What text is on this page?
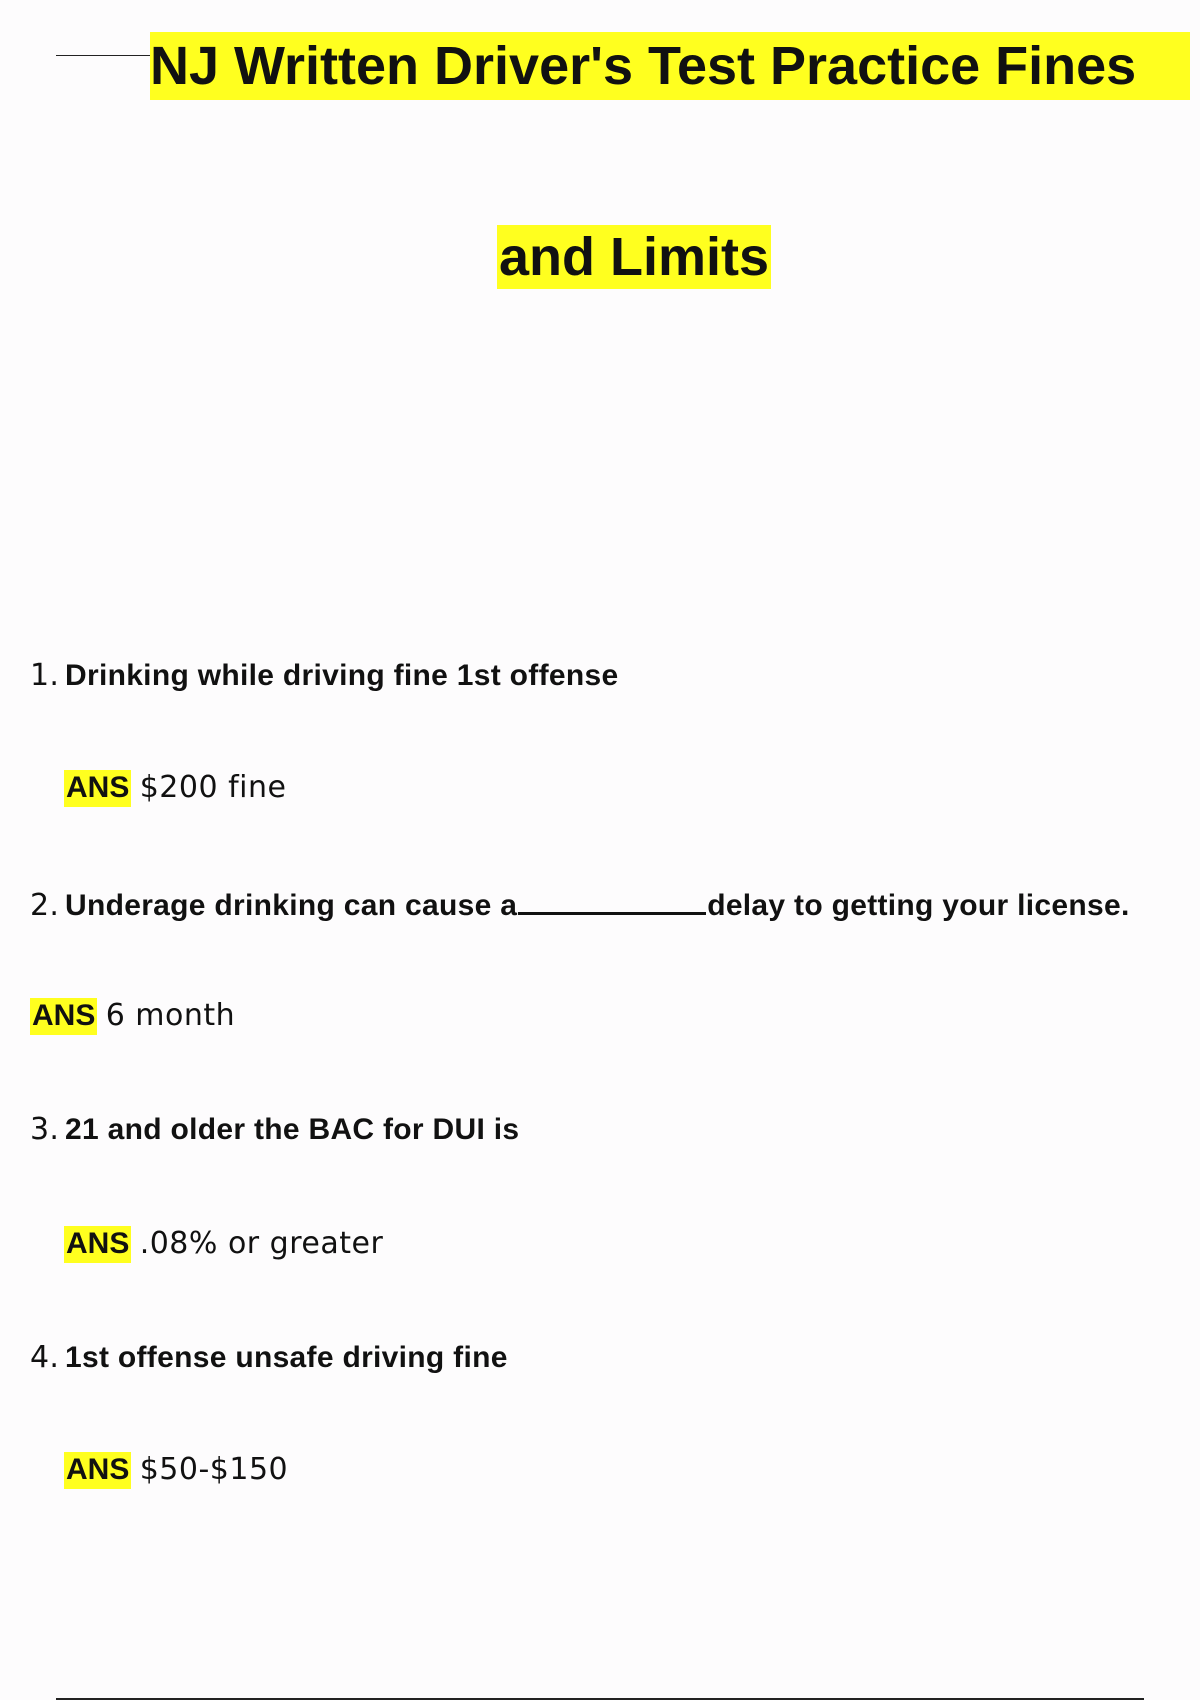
NJ Written Driver's Test Practice Fines
and Limits
1. Drinking while driving fine 1st offense
ANS $200 fine
2. Underage drinking can cause a	delay to getting your license.
ANS 6 month
3. 21 and older the BAC for DUI is
ANS .08% or greater
4. 1st offense unsafe driving fine
ANS $50-$150
